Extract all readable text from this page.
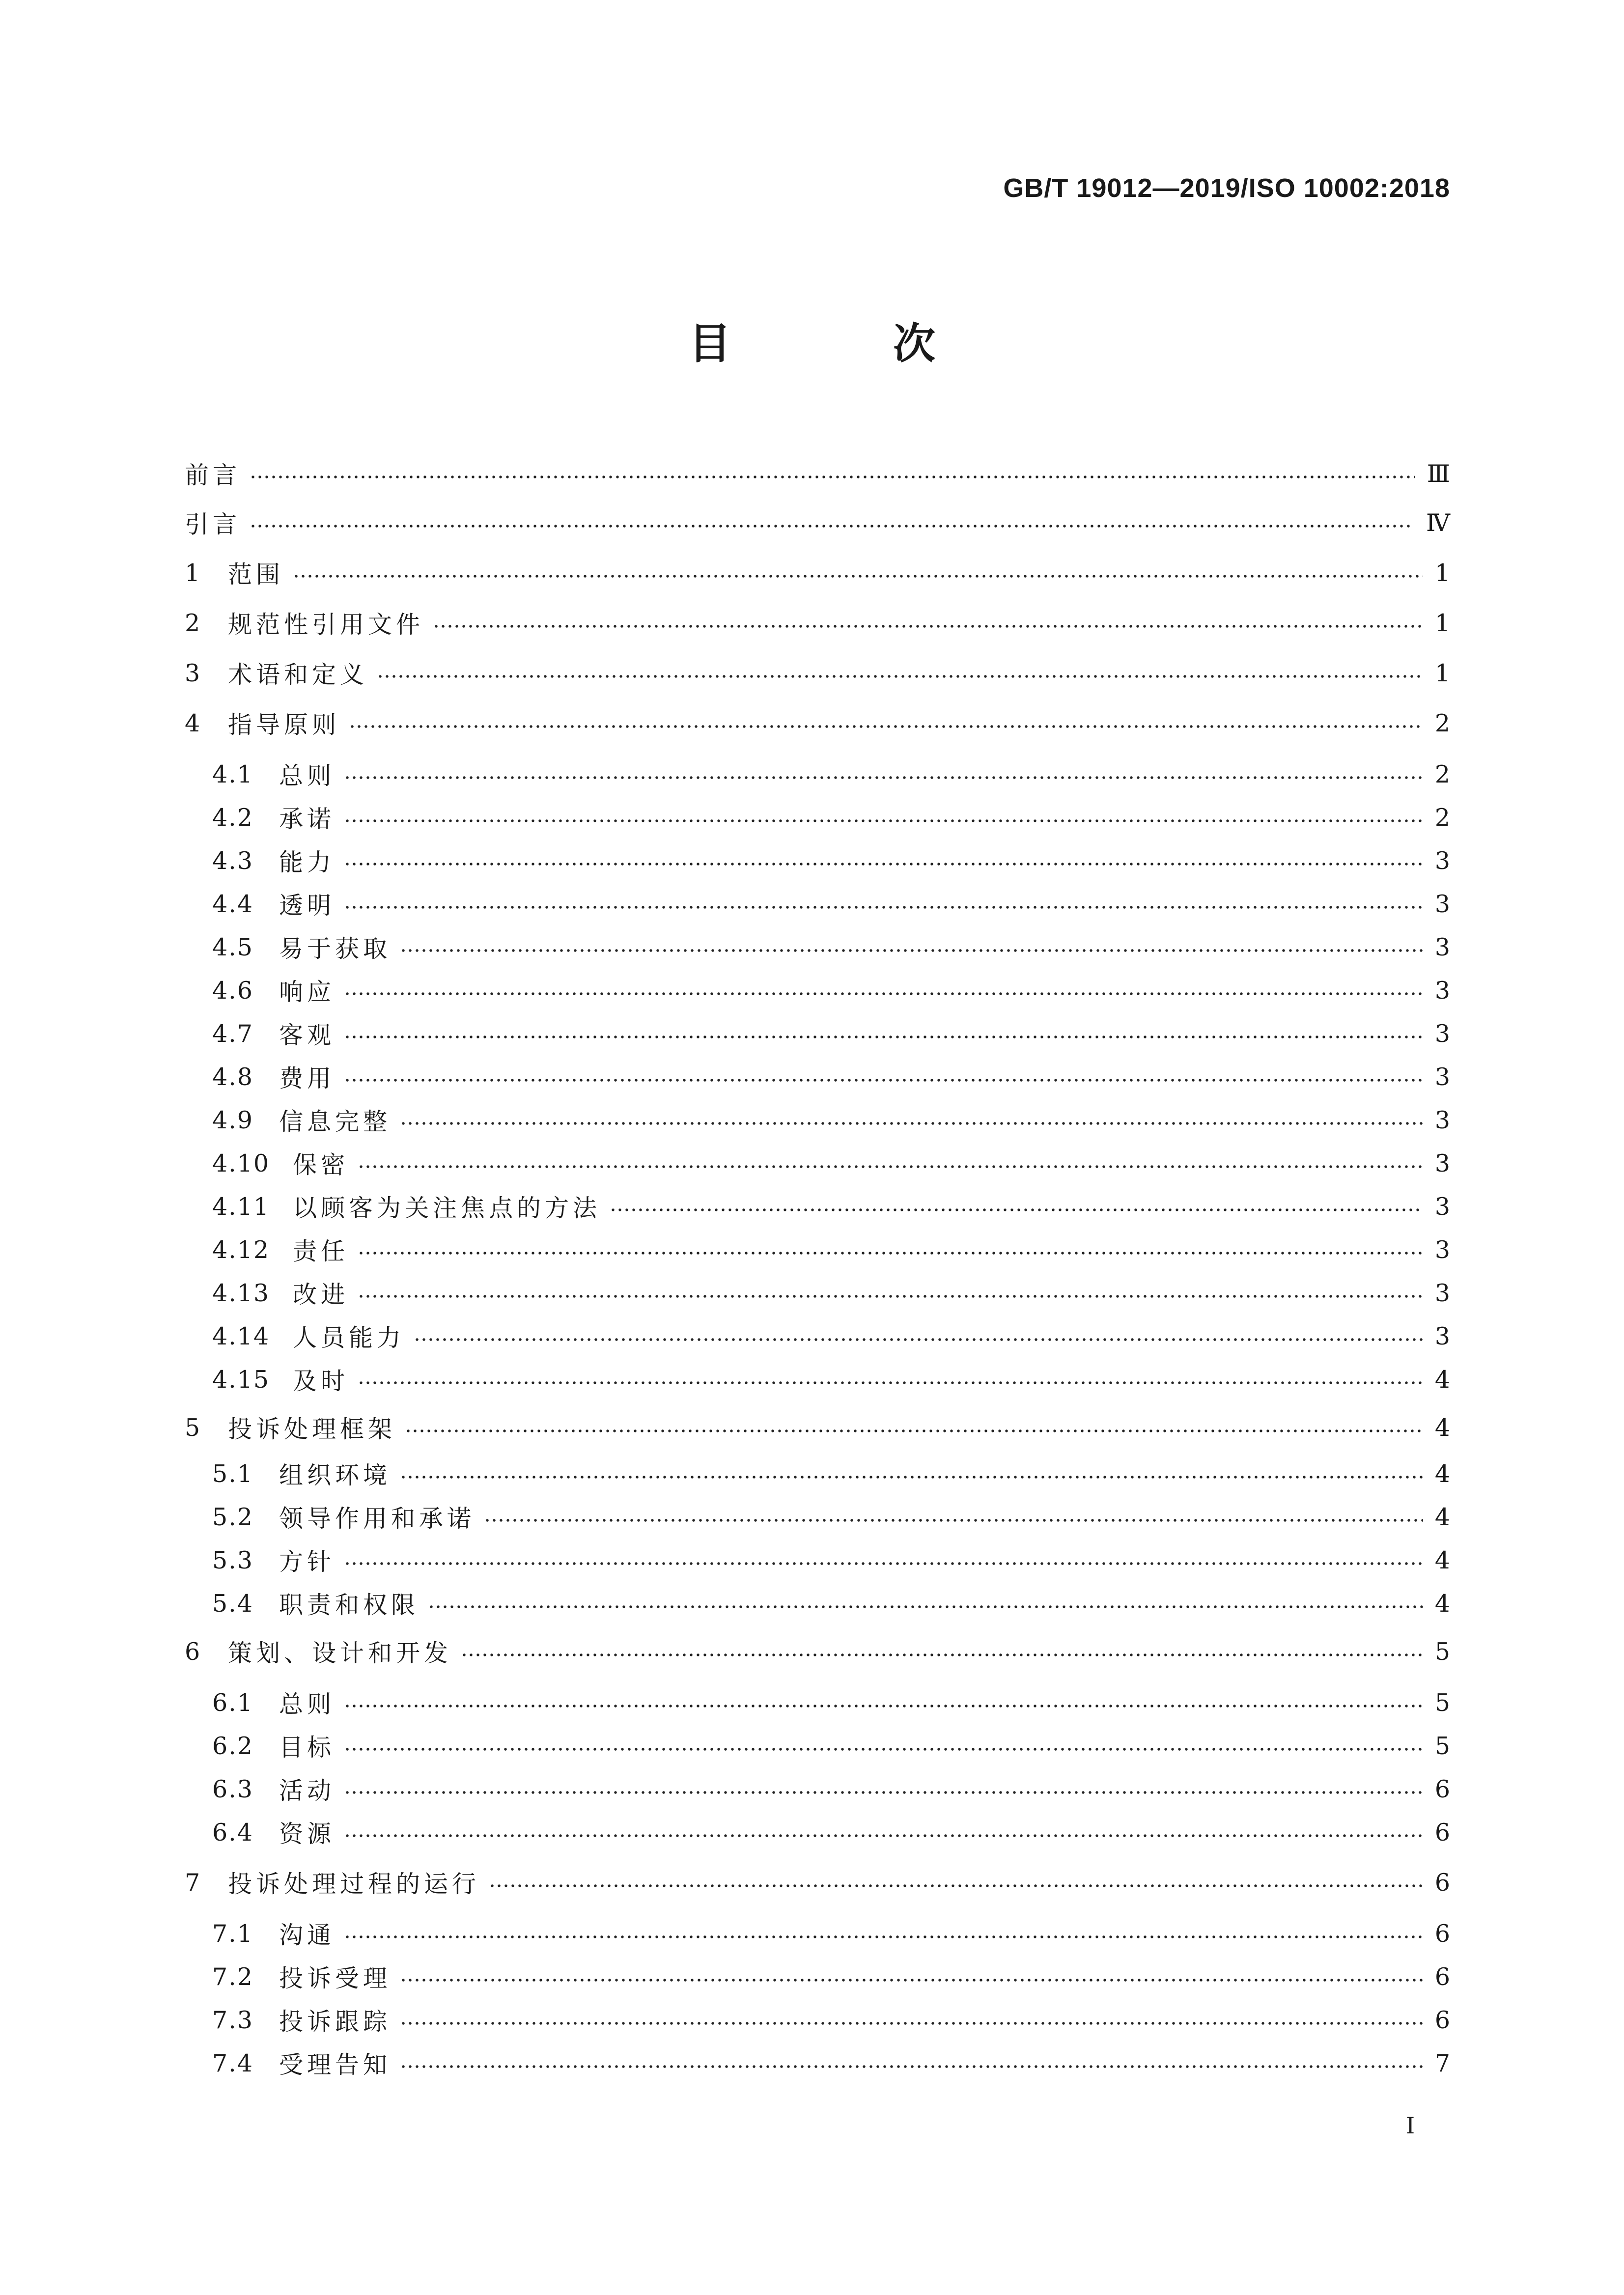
GB/T 19012—2019/ISO 10002:2018
目 次
前言	Ⅲ
引言	Ⅳ
1	范围	1
2	规范性引用文件	1
3	术语和定义	1
4	指导原则	2
4.1	总则	2
4.2	承诺	2
4.3	能力	3
4.4	透明	3
4.5	易于获取	3
4.6	响应	3
4.7	客观	3
4.8	费用	3
4.9	信息完整	3
4.10 保密	3
4.11 以顾客为关注焦点的方法	3
4.12 责任	3
4.13 改进	3
4.14 人员能力	3
4.15 及时	4
5	投诉处理框架	4
5.1	组织环境	4
5.2	领导作用和承诺	4
5.3	方针	4
5.4	职责和权限	4
6	策划、设计和开发	5
6.1	总则	5
6.2	目标	5
6.3	活动	6
6.4	资源	6
7	投诉处理过程的运行	6
7.1	沟通	6
7.2	投诉受理	6
7.3	投诉跟踪	6
7.4	受理告知	7
I
